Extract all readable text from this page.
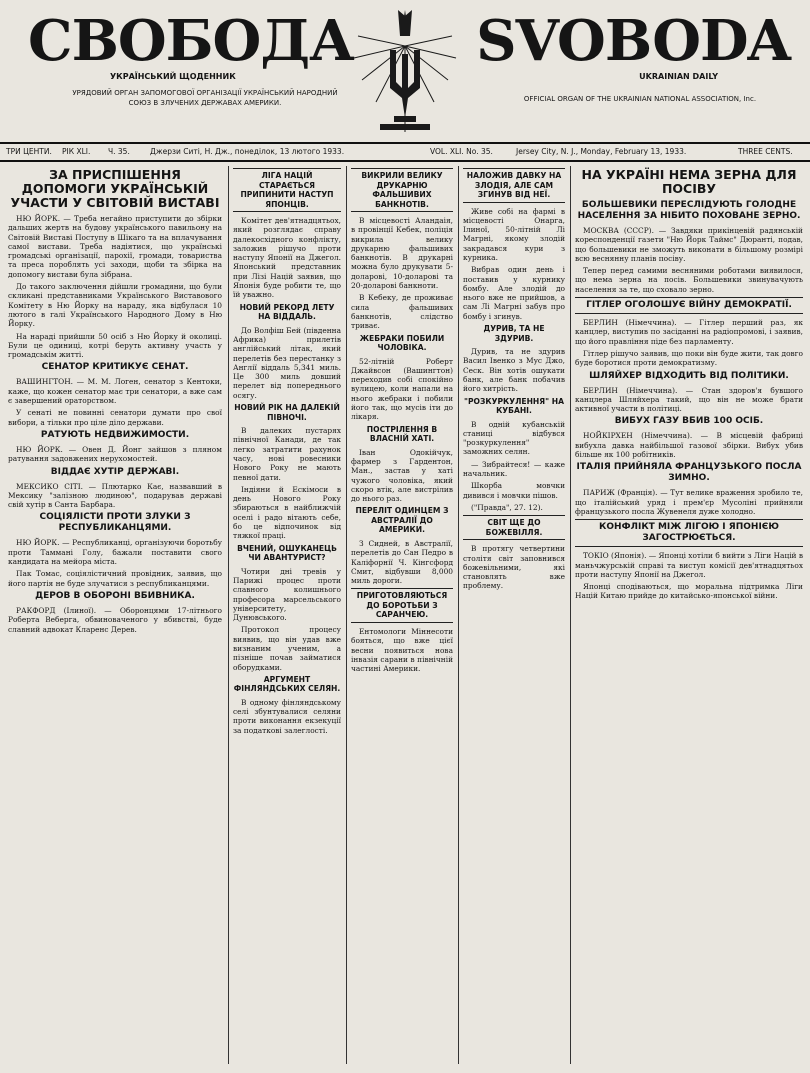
СВОБОДА SVOBODA
УКРАЇНСЬКИЙ ЩОДЕННИК	UKRAINIAN DAILY
УРЯДОВИЙ ОРГАН ЗАПОМОГОВОЇ ОРГАНІЗАЦІЇ УКРАЇНСЬКИЙ НАРОДНИЙ СОЮЗ В ЗЛУЧЕНИХ ДЕРЖАВАХ АМЕРИКИ.	OFFICIAL ORGAN OF THE UKRAINIAN NATIONAL ASSOCIATION, Inc.
ТРИ ЦЕНТИ. РІК XLI. Ч. 35.	Джерзи Ситі, Н. Дж., понеділок, 13 лютого 1933.	VOL. XLI. No. 35.	Jersey City, N. J., Monday, February 13, 1933.	THREE CENTS.
ЗА ПРИСПІШЕННЯ ДОПОМОГИ УКРАЇНСЬКІЙ УЧАСТИ У СВІТОВІЙ ВИСТАВІ

НЮ ЙОРК. — Треба негайно приступити до збірки дальших жертв на будову українського павильону на Світовій Виставі Поступу в Шікаго та на вплачування самої вистави. Треба надіятися, що українські громадські організації, парохії, громади, товариства та преса пороблять усі заходи, щоби та збірка на допомогу вистави була зібрана.

До такого заключення дійшли громадяни, що були скликані представниками Українського Виставового Комітету в Ню Йорку на нараду, яка відбулася 10 лютого в галі Українського Народного Дому в Ню Йорку.

На нараді прийшли 50 осіб з Ню Йорку й околиці. Були це одиниці, котрі беруть активну участь у громадськім житті.

СЕНАТОР КРИТИКУЄ СЕНАТ.

ВАШИНГТОН. — М. М. Логен, сенатор з Кентоки, каже, що кожен сенатор має три сенатори, а вже сам є завершений ораторством.

У сенаті не повинні сенатори думати про свої вибори, а тільки про ціле діло держави.

РАТУЮТЬ НЕДВИЖИМОСТИ.

НЮ ЙОРК. — Овен Д. Йонг зайшов з пляном ратування задовжених нерухомостей.

ВІДДАЄ ХУТІР ДЕРЖАВІ.

МЕКСИКО СІТІ. — Плютарко Кає, назвавший в Мексику "залізною людиною", подарував державі свій хутір в Санта Барбара.

СОЦІЯЛІСТИ ПРОТИ ЗЛУКИ З РЕСПУБЛИКАНЦЯМИ.

НЮ ЙОРК. — Республиканці, організуючи боротьбу проти Таммані Голу, бажали поставити свого кандидата на мейора міста.

Пак Томас, соціялістичний провідник, заявив, що його партія не буде злучатися з республиканцями.

ДЕРОВ В ОБОРОНІ ВБИВНИКА.

РАКФОРД (Ілиної). — Оборонцями 17-літнього Роберта Веберга, обвиноваченого у вбивстві, буде славний адвокат Кларенс Дерев.

ЛІГА НАЦІЙ СТАРАЄТЬСЯ ПРИПИНИТИ НАСТУП ЯПОНЦІВ.

Комітет дев'ятнадцятьох, який розглядає справу далекосхідного конфлікту, заложив рішучо проти наступу Японії на Джегол. Японський представник при Лізі Націй заявив, що Японія буде робити те, що їй уважно.

НОВИЙ РЕКОРД ЛЕТУ НА ВІДДАЛЬ.

До Волфіш Бей (південна Африка) прилетів англійський літак, який перелетів без перестанку з Англії віддаль 5,341 миль. Це 300 миль довший перелет від попереднього осягу.

НОВИЙ РІК НА ДАЛЕКІЙ ПІВНОЧІ.

В далеких пустарях північної Канади, де так легко затратити рахунок часу, нові ровесники Нового Року не мають певної дати.

Індіяни й Ескімоси в день Нового Року збираються в найближчій оселі і радо вітають себе, бо це відпочинок від тяжкої праці.

ВЧЕНИЙ, ОШУКАНЕЦЬ ЧИ АВАНТУРИСТ?

Чотири дні тревів у Парижі процес проти славного колишнього професора марсельського університету, Дунювського.

Протокол процесу виявив, що він удав вже визнаним ученим, а пізніше почав займатися оборудками.

АРГУМЕНТ ФІНЛЯНДСЬКИХ СЕЛЯН.

В одному фінляндському селі збунтувалися селяни проти виконання екзекуції за податкові залеглості.

ВИКРИЛИ ВЕЛИКУ ДРУКАРНЮ ФАЛЬШИВИХ БАНКНОТІВ.

В місцевості Аландаія, в провінції Кебек, поліція викрила велику друкарню фальшивих банкнотів. В друкарні можна було друкувати 5-доларові, 10-доларові та 20-доларові банкноти.

В Кебеку, де проживає сила фальшивих банкнотів, слідство триває.

ЖЕБРАКИ ПОБИЛИ ЧОЛОВІКА.

52-літній Роберт Джайвсон (Вашингтон) переходив собі спокійно вулицею, коли напали на нього жебраки і побили його так, що мусів іти до лікаря.

ПОСТРІЛЕННЯ В ВЛАСНІЙ ХАТІ.

Іван Одокійчук, фармер з Гардентон, Ман., застав у хаті чужого чоловіка, який скоро втік, але вистрілив до нього раз.

ПЕРЕЛІТ ОДИНЦЕМ З АВСТРАЛІЇ ДО АМЕРИКИ.

З Сидней, в Австралії, перелетів до Сан Педро в Каліфорнії Ч. Кінгсфорд Смит, відбувши 8,000 миль дороги.

ПРИГОТОВЛЯЮТЬСЯ ДО БОРОТЬБИ З САРАНЧЕЮ.

Ентомологи Міннесоти бояться, що вже цієї весни появиться нова інвазія сарани в північній частині Америки.

НАЛОЖИВ ДАВКУ НА ЗЛОДІЯ, АЛЕ САМ ЗГИНУВ ВІД НЕЇ.

Живе собі на фармі в місцевості Онарга, Ілиної, 50-літній Лі Магрні, якому злодій закрадався кури з курника.

Вибрав один день і поставив у курнику бомбу. Але злодій до нього вже не прийшов, а сам Лі Магрні забув про бомбу і згинув.

ДУРИВ, ТА НЕ ЗДУРИВ.

Дурив, та не здурив Васил Івенко з Мус Джо, Сеск. Він хотів ошукати банк, але банк побачив його хитрість.

"РОЗКУРКУЛЕННЯ" НА КУБАНІ.

В одній кубанській станиці відбувся "розкуркулення" заможних селян.

— Зибрайтеся! — каже начальник.

Шкорба мовчки дивився і мовчки пішов.

("Правда", 27. 12).

СВІТ ЩЕ ДО БОЖЕВІЛЛЯ.

В протягу четвертини столітя світ заповнився божевільними, які становлять вже проблему.

НА УКРАЇНІ НЕМА ЗЕРНА ДЛЯ ПОСІВУ
БОЛЬШЕВИКИ ПЕРЕСЛІДУЮТЬ ГОЛОДНЕ НАСЕЛЕННЯ ЗА НІБИТО ПОХОВАНЕ ЗЕРНО.

МОСКВА (СССР). — Завдяки прикінцевій радянській кореспонденції газети "Ню Йорк Таймс" Дюранті, подав, що большевики не зможуть виконати в більшому розмірі всю веснянну планів посіву.

Тепер перед самими весняними роботами виявилося, що нема зерна на посів. Большевики звинувачують населення за те, що сховало зерно.

ГІТЛЕР ОГОЛОШУЄ ВІЙНУ ДЕМОКРАТІЇ.

БЕРЛИН (Німеччина). — Гітлер перший раз, як канцлер, виступив по засіданні на радіопромові, і заявив, що його правління піде без парламенту.

Гітлер рішучо заявив, що поки він буде жити, так довго буде боротися проти демократизму.

ШЛЯЙХЕР ВІДХОДИТЬ ВІД ПОЛІТИКИ.

БЕРЛИН (Німеччина). — Стан здоров'я бувшого канцлера Шляйхера такий, що він не може брати активної участи в політиці.

ВИБУХ ГАЗУ ВБИВ 100 ОСІБ.

НОЙКІРХЕН (Німеччина). — В місцевій фабриці вибухла давка найбільшої газової збірки. Вибух убив більше як 100 робітників.

ІТАЛІЯ ПРИЙНЯЛА ФРАНЦУЗЬКОГО ПОСЛА ЗИМНО.

ПАРИЖ (Франція). — Тут велике враження зробило те, що італійський уряд і прем'єр Мусоліні прийняли французького посла Жувенеля дуже холодно.

КОНФЛІКТ МІЖ ЛІГОЮ І ЯПОНІЄЮ ЗАГОСТРЮЄТЬСЯ.

ТОКІО (Японія). — Японці хотіли б вийти з Ліги Націй в маньчжурській справі та виступ комісії дев'ятнадцятьох проти наступу Японії на Джегол.

Японці сподіваються, що моральна підтримка Ліги Націй Китаю прийде до китайсько-японської війни.
